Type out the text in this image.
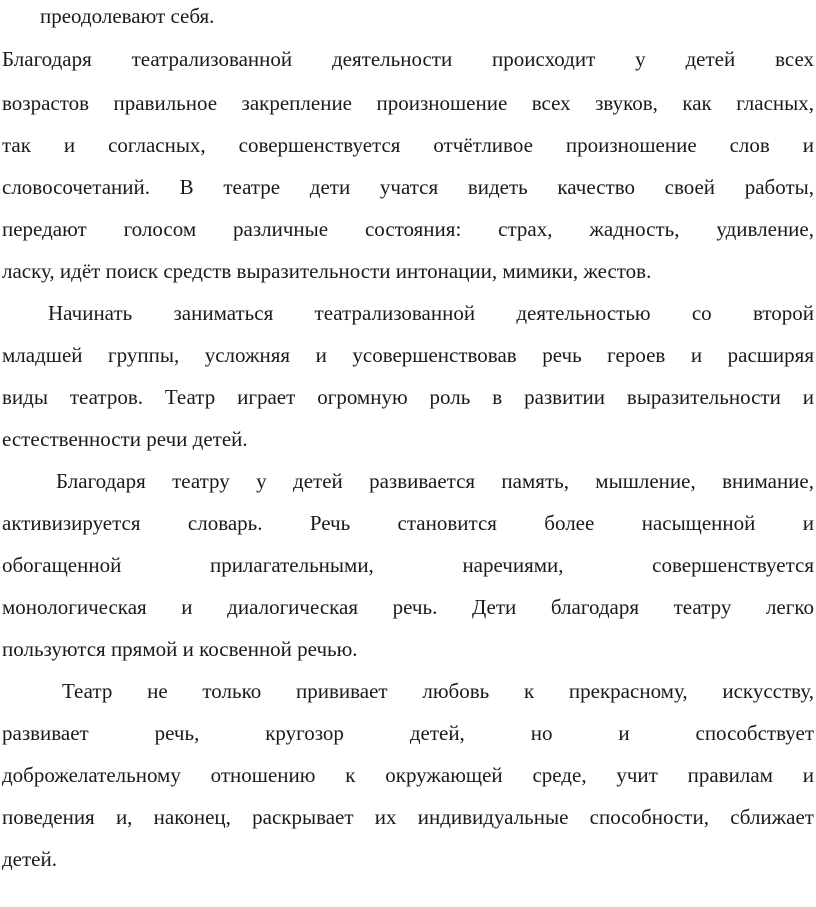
преодолевают себя.
Благодаря театрализованной деятельности происходит у детей всех
возрастов правильное закрепление произношение всех звуков, как гласных,
так и согласных, совершенствуется отчётливое произношение слов и
словосочетаний. В театре дети учатся видеть качество своей работы,
передают голосом различные состояния: страх, жадность, удивление,
ласку, идёт поиск средств выразительности интонации, мимики, жестов.
Начинать заниматься театрализованной деятельностью со второй
младшей группы, усложняя и усовершенствовав речь героев и расширяя
виды театров. Театр играет огромную роль в развитии выразительности и
естественности речи детей.
Благодаря театру у детей развивается память, мышление, внимание,
активизируется словарь. Речь становится более насыщенной и
обогащенной прилагательными, наречиями, совершенствуется
монологическая и диалогическая речь. Дети благодаря театру легко
пользуются прямой и косвенной речью.
Театр не только прививает любовь к прекрасному, искусству,
развивает речь, кругозор детей, но и способствует
доброжелательному отношению к окружающей среде, учит правилам и
поведения и, наконец, раскрывает их индивидуальные способности, сближает
детей.
